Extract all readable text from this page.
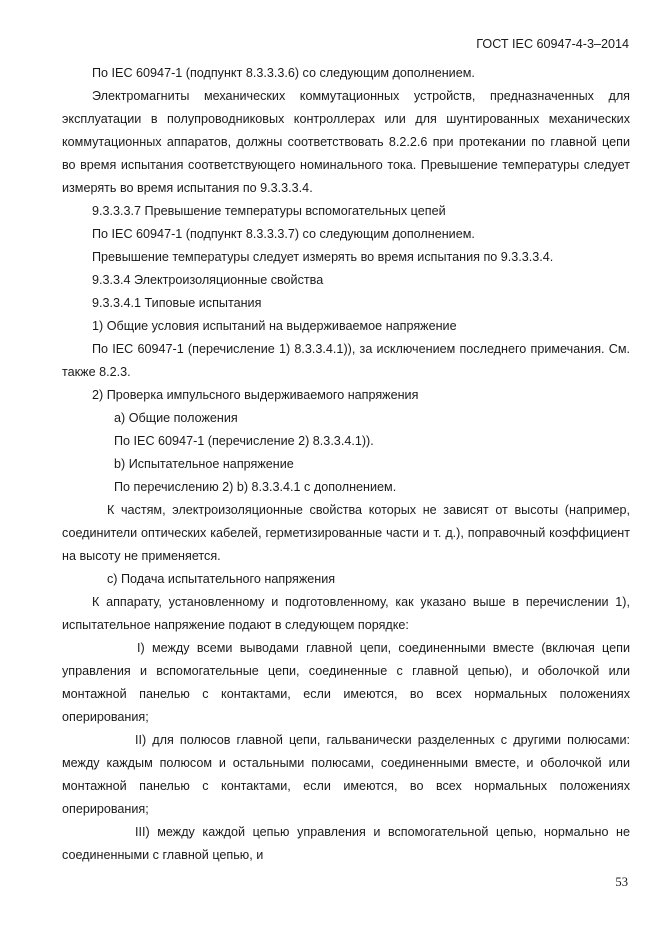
ГОСТ IEC 60947-4-3–2014

По IEC 60947-1 (подпункт 8.3.3.3.6) со следующим дополнением.

Электромагниты механических коммутационных устройств, предназначенных для эксплуатации в полупроводниковых контроллерах или для шунтированных механических коммутационных аппаратов, должны соответствовать 8.2.2.6 при протекании по главной цепи во время испытания соответствующего номинального тока. Превышение температуры следует измерять во время испытания по 9.3.3.3.4.

9.3.3.3.7 Превышение температуры вспомогательных цепей

По IEC 60947-1 (подпункт 8.3.3.3.7) со следующим дополнением.

Превышение температуры следует измерять во время испытания по 9.3.3.3.4.

9.3.3.4 Электроизоляционные свойства

9.3.3.4.1 Типовые испытания

1) Общие условия испытаний на выдерживаемое напряжение

По IEC 60947-1 (перечисление 1) 8.3.3.4.1)), за исключением последнего примечания. См. также 8.2.3.

2) Проверка импульсного выдерживаемого напряжения

a) Общие положения

По IEC 60947-1 (перечисление 2) 8.3.3.4.1)).

b) Испытательное напряжение

По перечислению 2) b) 8.3.3.4.1 с дополнением.

К частям, электроизоляционные свойства которых не зависят от высоты (например, соединители оптических кабелей, герметизированные части и т. д.), поправочный коэффициент на высоту не применяется.

c) Подача испытательного напряжения

К аппарату, установленному и подготовленному, как указано выше в перечислении 1), испытательное напряжение подают в следующем порядке:

I) между всеми выводами главной цепи, соединенными вместе (включая цепи управления и вспомогательные цепи, соединенные с главной цепью), и оболочкой или монтажной панелью с контактами, если имеются, во всех нормальных положениях оперирования;

II) для полюсов главной цепи, гальванически разделенных с другими полюсами: между каждым полюсом и остальными полюсами, соединенными вместе, и оболочкой или монтажной панелью с контактами, если имеются, во всех нормальных положениях оперирования;

III) между каждой цепью управления и вспомогательной цепью, нормально не соединенными с главной цепью, и

53
